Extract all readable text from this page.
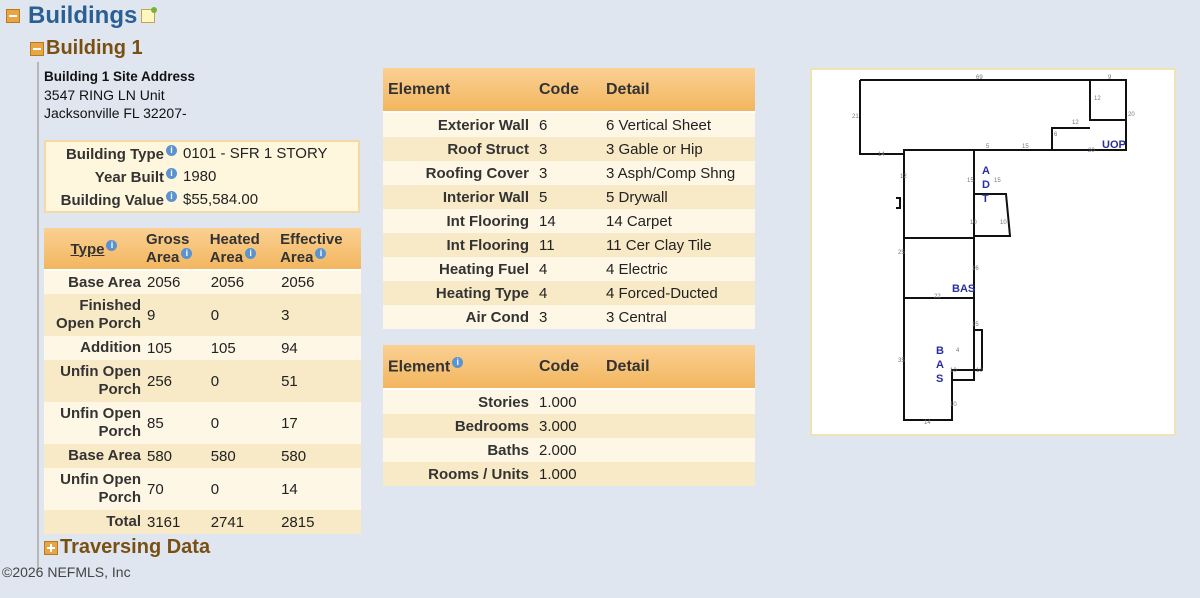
Buildings
Building 1
Building 1 Site Address
3547 RING LN Unit
Jacksonville FL 32207-
Building Type i	0101 - SFR 1 STORY
Year Built i	1980
Building Value i	$55,584.00
Type i	Gross Area i	Heated Area i	Effective Area i
Base Area	2056	2056	2056
Finished Open Porch	9	0	3
Addition	105	105	94
Unfin Open Porch	256	0	51
Unfin Open Porch	85	0	17
Base Area	580	580	580
Unfin Open Porch	70	0	14
Total	3161	2741	2815
Element	Code	Detail
Exterior Wall	6	6 Vertical Sheet
Roof Struct	3	3 Gable or Hip
Roofing Cover	3	3 Asph/Comp Shng
Interior Wall	5	5 Drywall
Int Flooring	14	14 Carpet
Int Flooring	11	11 Cer Clay Tile
Heating Fuel	4	4 Electric
Heating Type	4	4 Forced-Ducted
Air Cond	3	3 Central
Element i	Code	Detail
Stories	1.000	
Bedrooms	3.000	
Baths	2.000	
Rooms / Units	1.000	
UOP
BAS
A
D
T
B
A
S
69	9
12
20
21
12
6
15
20
12
15	15
10	10
16
25
22
15
35
10	10
10
14
14
5
4
Traversing Data
©2026 NEFMLS, Inc
